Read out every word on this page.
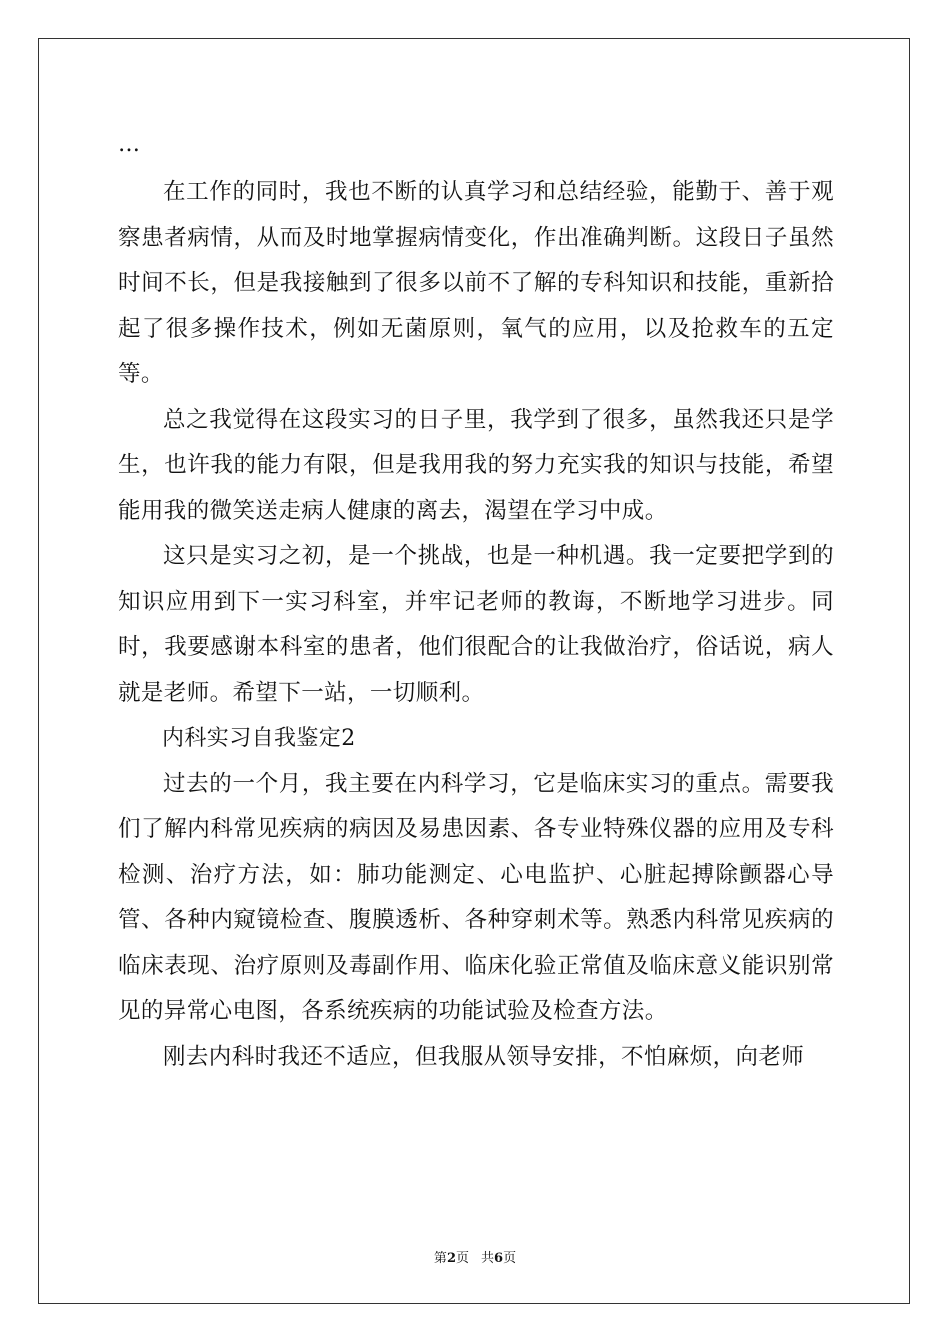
…

在工作的同时，我也不断的认真学习和总结经验，能勤于、善于观察患者病情，从而及时地掌握病情变化，作出准确判断。这段日子虽然时间不长，但是我接触到了很多以前不了解的专科知识和技能，重新拾起了很多操作技术，例如无菌原则，氧气的应用，以及抢救车的五定等。

总之我觉得在这段实习的日子里，我学到了很多，虽然我还只是学生，也许我的能力有限，但是我用我的努力充实我的知识与技能，希望能用我的微笑送走病人健康的离去，渴望在学习中成。

这只是实习之初，是一个挑战，也是一种机遇。我一定要把学到的知识应用到下一实习科室，并牢记老师的教诲，不断地学习进步。同时，我要感谢本科室的患者，他们很配合的让我做治疗，俗话说，病人就是老师。希望下一站，一切顺利。

内科实习自我鉴定2

过去的一个月，我主要在内科学习，它是临床实习的重点。需要我们了解内科常见疾病的病因及易患因素、各专业特殊仪器的应用及专科检测、治疗方法，如：肺功能测定、心电监护、心脏起搏除颤器心导管、各种内窥镜检查、腹膜透析、各种穿刺术等。熟悉内科常见疾病的临床表现、治疗原则及毒副作用、临床化验正常值及临床意义能识别常见的异常心电图，各系统疾病的功能试验及检查方法。

刚去内科时我还不适应，但我服从领导安排，不怕麻烦，向老师

第2页 共6页
